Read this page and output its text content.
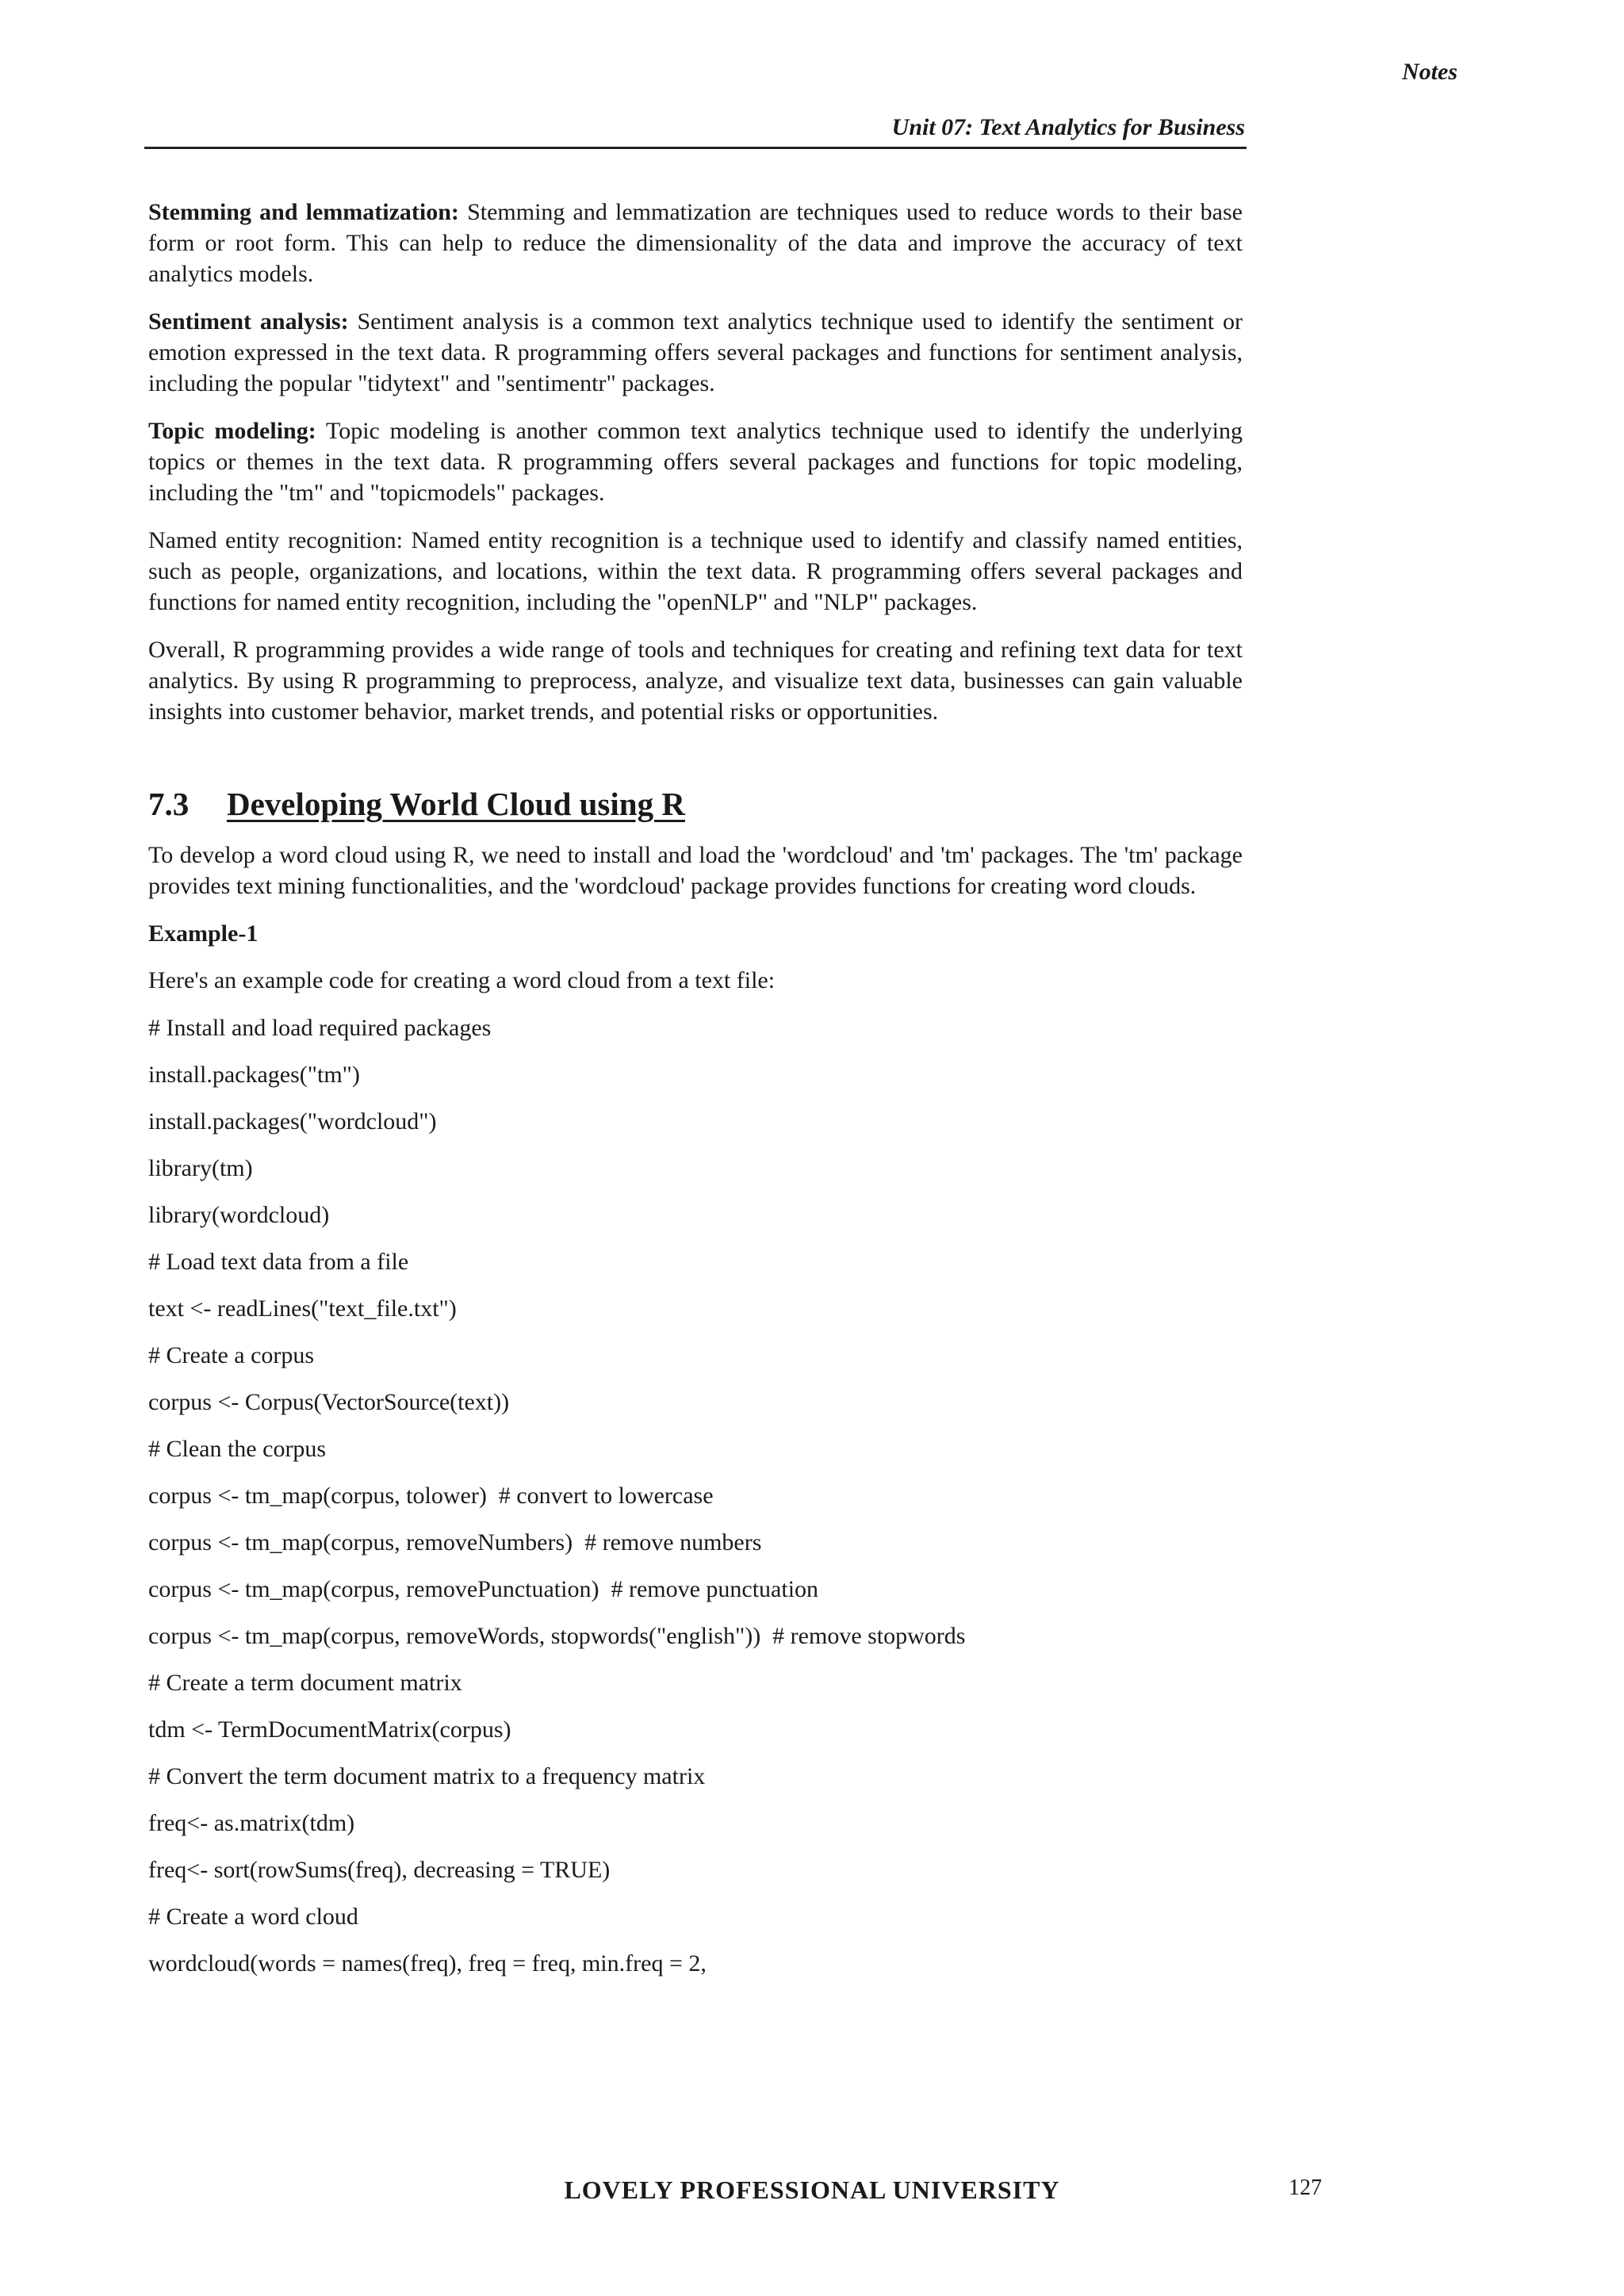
Notes
Unit 07: Text Analytics for Business

Stemming and lemmatization: Stemming and lemmatization are techniques used to reduce words to their base form or root form. This can help to reduce the dimensionality of the data and improve the accuracy of text analytics models.

Sentiment analysis: Sentiment analysis is a common text analytics technique used to identify the sentiment or emotion expressed in the text data. R programming offers several packages and functions for sentiment analysis, including the popular "tidytext" and "sentimentr" packages.

Topic modeling: Topic modeling is another common text analytics technique used to identify the underlying topics or themes in the text data. R programming offers several packages and functions for topic modeling, including the "tm" and "topicmodels" packages.

Named entity recognition: Named entity recognition is a technique used to identify and classify named entities, such as people, organizations, and locations, within the text data. R programming offers several packages and functions for named entity recognition, including the "openNLP" and "NLP" packages.

Overall, R programming provides a wide range of tools and techniques for creating and refining text data for text analytics. By using R programming to preprocess, analyze, and visualize text data, businesses can gain valuable insights into customer behavior, market trends, and potential risks or opportunities.

7.3 Developing World Cloud using R

To develop a word cloud using R, we need to install and load the 'wordcloud' and 'tm' packages. The 'tm' package provides text mining functionalities, and the 'wordcloud' package provides functions for creating word clouds.

Example-1

Here's an example code for creating a word cloud from a text file:

# Install and load required packages
install.packages("tm")
install.packages("wordcloud")
library(tm)
library(wordcloud)
# Load text data from a file
text <- readLines("text_file.txt")
# Create a corpus
corpus <- Corpus(VectorSource(text))
# Clean the corpus
corpus <- tm_map(corpus, tolower)  # convert to lowercase
corpus <- tm_map(corpus, removeNumbers)  # remove numbers
corpus <- tm_map(corpus, removePunctuation)  # remove punctuation
corpus <- tm_map(corpus, removeWords, stopwords("english"))  # remove stopwords
# Create a term document matrix
tdm <- TermDocumentMatrix(corpus)
# Convert the term document matrix to a frequency matrix
freq<- as.matrix(tdm)
freq<- sort(rowSums(freq), decreasing = TRUE)
# Create a word cloud
wordcloud(words = names(freq), freq = freq, min.freq = 2,
LOVELY PROFESSIONAL UNIVERSITY	127
